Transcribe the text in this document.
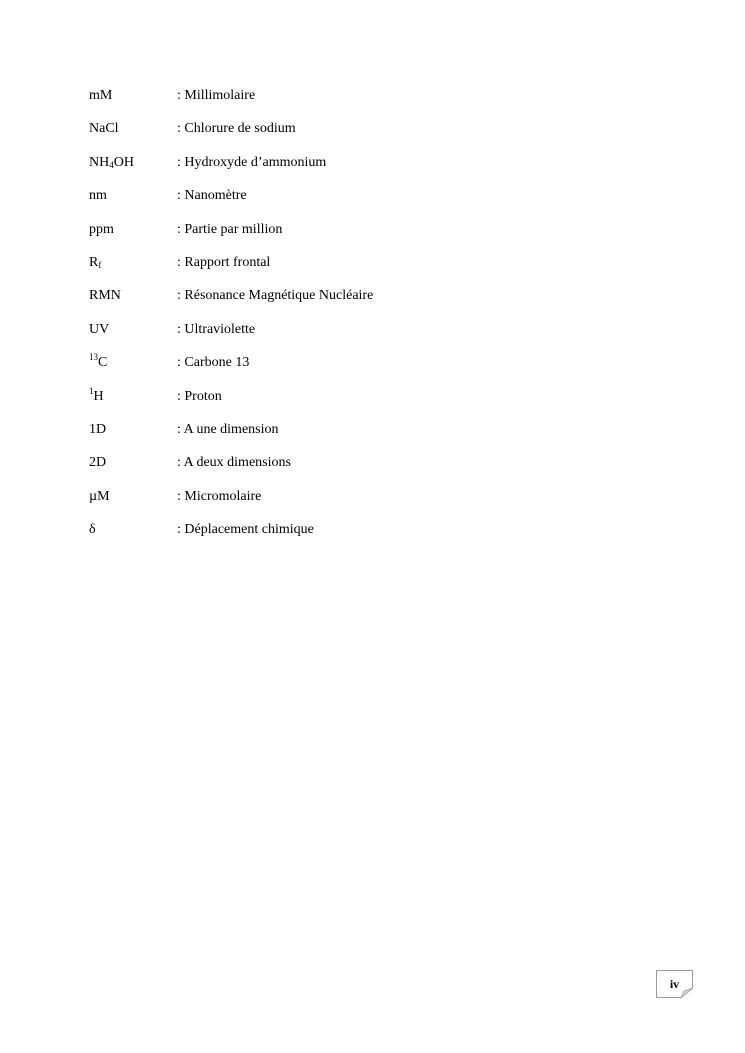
mM	: Millimolaire
NaCl	: Chlorure de sodium
$NH_4OH$	: Hydroxyde d’ammonium
nm	: Nanomètre
ppm	: Partie par million
$R_f$	: Rapport frontal
RMN	: Résonance Magnétique Nucléaire
UV	: Ultraviolette
$^{13}$C	: Carbone 13
$^1$H	: Proton
1D	: A une dimension
2D	: A deux dimensions
µM	: Micromolaire
δ	: Déplacement chimique
iv
